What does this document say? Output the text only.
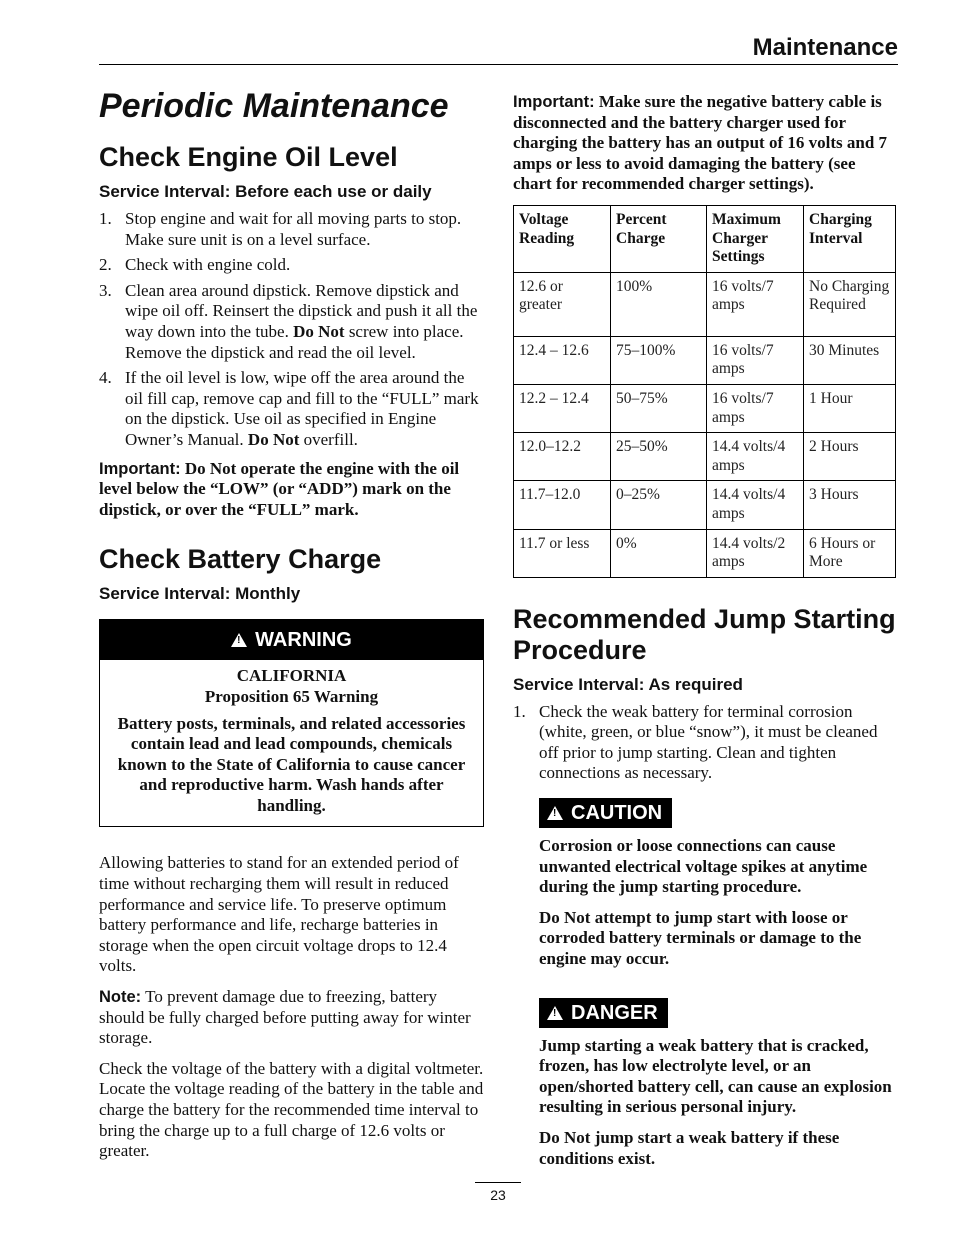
Maintenance
Periodic Maintenance
Check Engine Oil Level
Service Interval: Before each use or daily
1. Stop engine and wait for all moving parts to stop. Make sure unit is on a level surface.
2. Check with engine cold.
3. Clean area around dipstick. Remove dipstick and wipe oil off. Reinsert the dipstick and push it all the way down into the tube. Do Not screw into place. Remove the dipstick and read the oil level.
4. If the oil level is low, wipe off the area around the oil fill cap, remove cap and fill to the “FULL” mark on the dipstick. Use oil as specified in Engine Owner’s Manual. Do Not overfill.

Important: Do Not operate the engine with the oil level below the “LOW” (or “ADD”) mark on the dipstick, or over the “FULL” mark.

Check Battery Charge
Service Interval: Monthly
!WARNING

CALIFORNIA
Proposition 65 Warning

Battery posts, terminals, and related accessories contain lead and lead compounds, chemicals known to the State of California to cause cancer and reproductive harm. Wash hands after handling.

Allowing batteries to stand for an extended period of time without recharging them will result in reduced performance and service life. To preserve optimum battery performance and life, recharge batteries in storage when the open circuit voltage drops to 12.4 volts.

Note: To prevent damage due to freezing, battery should be fully charged before putting away for winter storage.

Check the voltage of the battery with a digital voltmeter. Locate the voltage reading of the battery in the table and charge the battery for the recommended time interval to bring the charge up to a full charge of 12.6 volts or greater.

Important: Make sure the negative battery cable is disconnected and the battery charger used for charging the battery has an output of 16 volts and 7 amps or less to avoid damaging the battery (see chart for recommended charger settings).

Voltage Reading	Percent Charge	Maximum Charger Settings	Charging Interval
12.6 or greater	100%	16 volts/7 amps	No Charging Required
12.4 – 12.6	75–100%	16 volts/7 amps	30 Minutes
12.2 – 12.4	50–75%	16 volts/7 amps	1 Hour
12.0–12.2	25–50%	14.4 volts/4 amps	2 Hours
11.7–12.0	0–25%	14.4 volts/4 amps	3 Hours
11.7 or less	0%	14.4 volts/2 amps	6 Hours or More
Recommended Jump Starting Procedure
Service Interval: As required
1. Check the weak battery for terminal corrosion (white, green, or blue “snow”), it must be cleaned off prior to jump starting. Clean and tighten connections as necessary.
!CAUTION

Corrosion or loose connections can cause unwanted electrical voltage spikes at anytime during the jump starting procedure.

Do Not attempt to jump start with loose or corroded battery terminals or damage to the engine may occur.

!DANGER

Jump starting a weak battery that is cracked, frozen, has low electrolyte level, or an open/shorted battery cell, can cause an explosion resulting in serious personal injury.

Do Not jump start a weak battery if these conditions exist.

23
